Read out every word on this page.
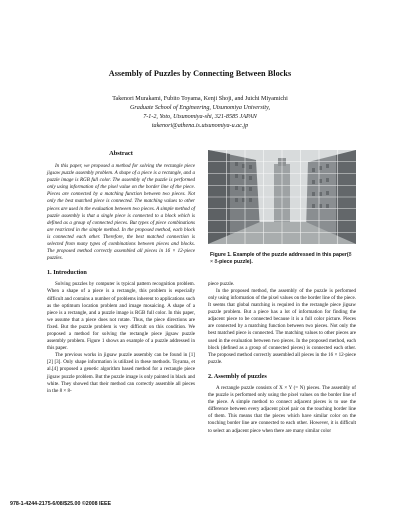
Assembly of Puzzles by Connecting Between Blocks
Takenori Murakami, Fubito Toyama, Kenji Shoji, and Juichi Miyamichi
Graduate School of Engineering, Utsunomiya University,
7-1-2, Yoto, Utsunomiya-shi, 321-8585 JAPAN
takenori@athena.is.utsunomiya-u.ac.jp
Abstract

In this paper, we proposed a method for solving the rectangle piece jigsaw puzzle assembly problem. A shape of a piece is a rectangle, and a puzzle image is RGB full color. The assembly of the puzzle is performed only using information of the pixel value on the border line of the piece. Pieces are connected by a matching function between two pieces. Not only the best matched piece is connected. The matching values to other pieces are used in the evaluation between two pieces. A simple method of puzzle assembly is that a single piece is connected to a block which is defined as a group of connected pieces. But types of piece combinations are restricted in the simple method. In the proposed method, each block is connected each other. Therefore, the best matched connection is selected from many types of combinations between pieces and blocks. The proposed method correctly assembled all pieces in 16 × 12-piece puzzles.

1. Introduction

Solving puzzles by computer is typical pattern recognition problem. When a shape of a piece is a rectangle, this problem is especially difficult and contains a number of problems inherent to applications such as the optimum location problem and image mosaicing. A shape of a piece is a rectangle, and a puzzle image is RGB full color. In this paper, we assume that a piece does not rotate. Thus, the piece directions are fixed. But the puzzle problem is very difficult on this condition. We proposed a method for solving the rectangle piece jigsaw puzzle assembly problem. Figure 1 shows an example of a puzzle addressed in this paper.

The previous works in jigsaw puzzle assembly can be found in [1] [2] [3]. Only shape information is utilized in these methods. Toyama, et al.[4] proposed a genetic algorithm based method for a rectangle piece jigsaw puzzle problem. But the puzzle image is only painted in black and white. They showed that their method can correctly assemble all pieces in the 8 × 8-

Figure 1. Example of the puzzle addressed in this paper(8 × 8-piece puzzle).

piece puzzle.

In the proposed method, the assembly of the puzzle is performed only using information of the pixel values on the border line of the piece. It seems that global matching is required in the rectangle piece jigsaw puzzle problem. But a piece has a lot of information for finding the adjacent piece to be connected because it is a full color picture. Pieces are connected by a matching function between two pieces. Not only the best matched piece is connected. The matching values to other pieces are used in the evaluation between two pieces. In the proposed method, each block (defined as a group of connected pieces) is connected each other. The proposed method correctly assembled all pieces in the 16 × 12-piece puzzle.

2. Assembly of puzzles

A rectangle puzzle consists of X × Y (= N) pieces. The assembly of the puzzle is performed only using the pixel values on the border line of the piece. A simple method to connect adjacent pieces is to use the difference between every adjacent pixel pair on the touching border line of them. This means that the pieces which have similar color on the touching border line are connected to each other. However, it is difficult to select an adjacent piece when there are many similar color

978-1-4244-2175-6/08/$25.00 ©2008 IEEE
